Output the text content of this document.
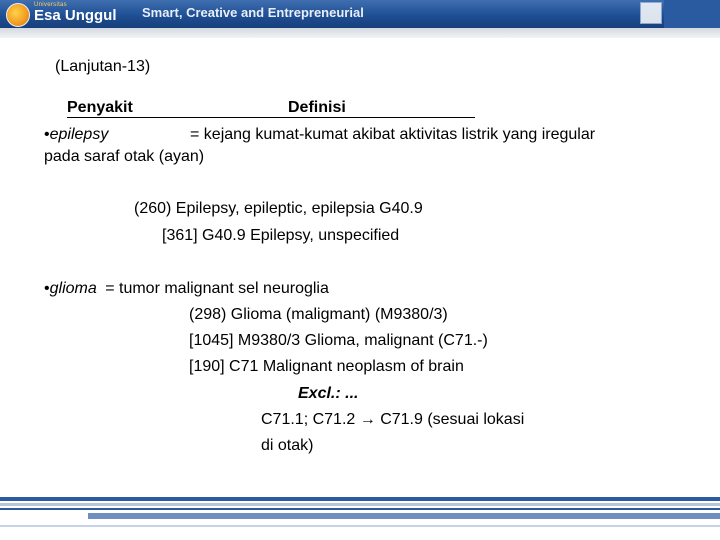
Universitas
Esa Unggul Smart, Creative and Entrepreneurial
(Lanjutan-13)
Penyakit	Definisi
•epilepsy	= kejang kumat-kumat akibat aktivitas listrik yang iregular
pada saraf otak (ayan)
(260) Epilepsy, epileptic, epilepsia G40.9
[361] G40.9 Epilepsy, unspecified
•glioma = tumor malignant sel neuroglia
(298) Glioma (maligmant) (M9380/3)
[1045] M9380/3 Glioma, malignant (C71.-)
[190] C71 Malignant neoplasm of brain
Excl.: ...
C71.1; C71.2 → C71.9 (sesuai lokasi
di otak)
